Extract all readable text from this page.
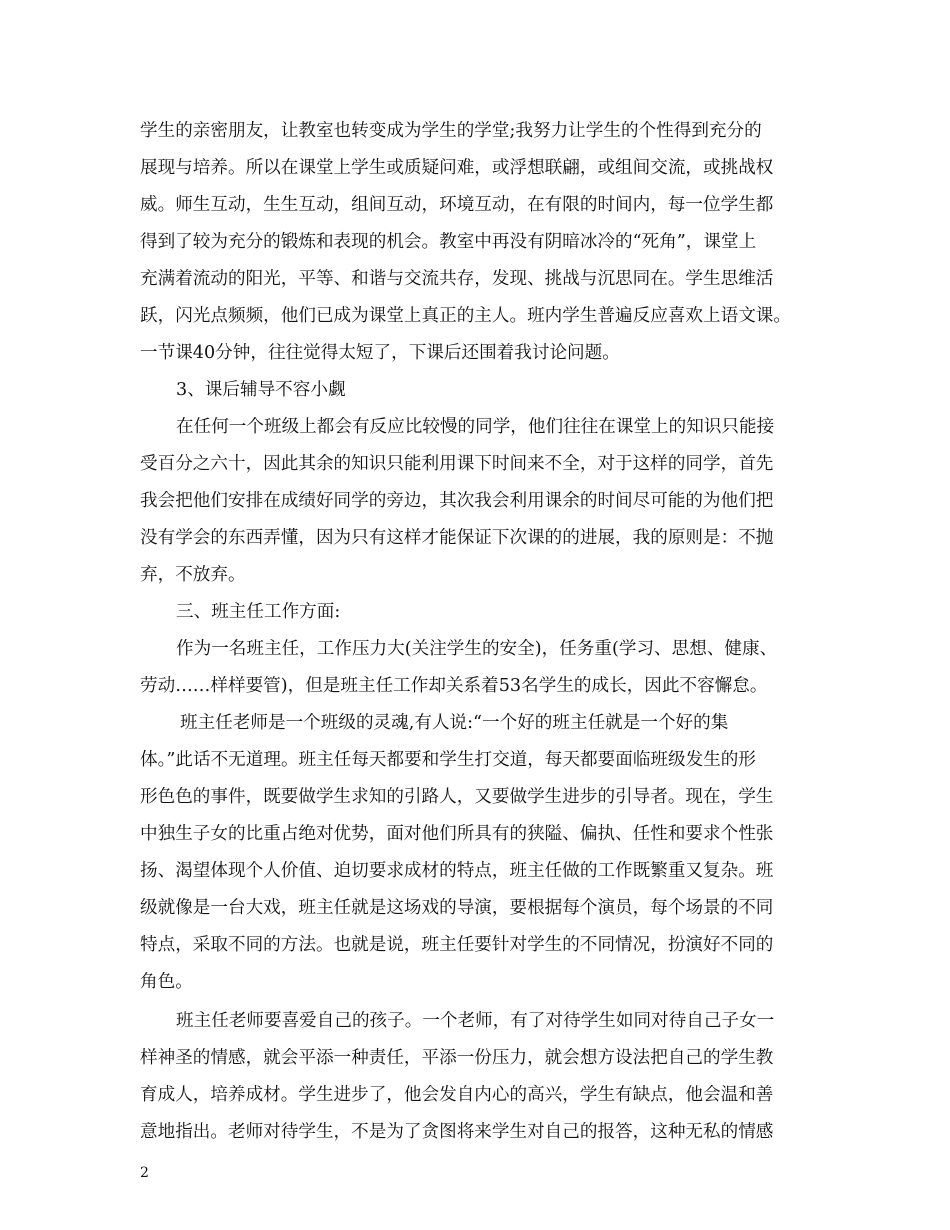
学生的亲密朋友，让教室也转变成为学生的学堂;我努力让学生的个性得到充分的
展现与培养。所以在课堂上学生或质疑问难，或浮想联翩，或组间交流，或挑战权
威。师生互动，生生互动，组间互动，环境互动，在有限的时间内，每一位学生都
得到了较为充分的锻炼和表现的机会。教室中再没有阴暗冰冷的“死角”，课堂上
充满着流动的阳光，平等、和谐与交流共存，发现、挑战与沉思同在。学生思维活
跃，闪光点频频，他们已成为课堂上真正的主人。班内学生普遍反应喜欢上语文课。
一节课40分钟，往往觉得太短了，下课后还围着我讨论问题。
3、课后辅导不容小觑
在任何一个班级上都会有反应比较慢的同学，他们往往在课堂上的知识只能接
受百分之六十，因此其余的知识只能利用课下时间来不全，对于这样的同学，首先
我会把他们安排在成绩好同学的旁边，其次我会利用课余的时间尽可能的为他们把
没有学会的东西弄懂，因为只有这样才能保证下次课的的进展，我的原则是：不抛
弃，不放弃。
三、班主任工作方面:
作为一名班主任，工作压力大(关注学生的安全)，任务重(学习、思想、健康、
劳动……样样要管)，但是班主任工作却关系着53名学生的成长，因此不容懈怠。
班主任老师是一个班级的灵魂,有人说:“一个好的班主任就是一个好的集
体。”此话不无道理。班主任每天都要和学生打交道，每天都要面临班级发生的形
形色色的事件，既要做学生求知的引路人，又要做学生进步的引导者。现在，学生
中独生子女的比重占绝对优势，面对他们所具有的狭隘、偏执、任性和要求个性张
扬、渴望体现个人价值、迫切要求成材的特点，班主任做的工作既繁重又复杂。班
级就像是一台大戏，班主任就是这场戏的导演，要根据每个演员，每个场景的不同
特点，采取不同的方法。也就是说，班主任要针对学生的不同情况，扮演好不同的
角色。
班主任老师要喜爱自己的孩子。一个老师，有了对待学生如同对待自己子女一
样神圣的情感，就会平添一种责任，平添一份压力，就会想方设法把自己的学生教
育成人，培养成材。学生进步了，他会发自内心的高兴，学生有缺点，他会温和善
意地指出。老师对待学生，不是为了贪图将来学生对自己的报答，这种无私的情感
2
